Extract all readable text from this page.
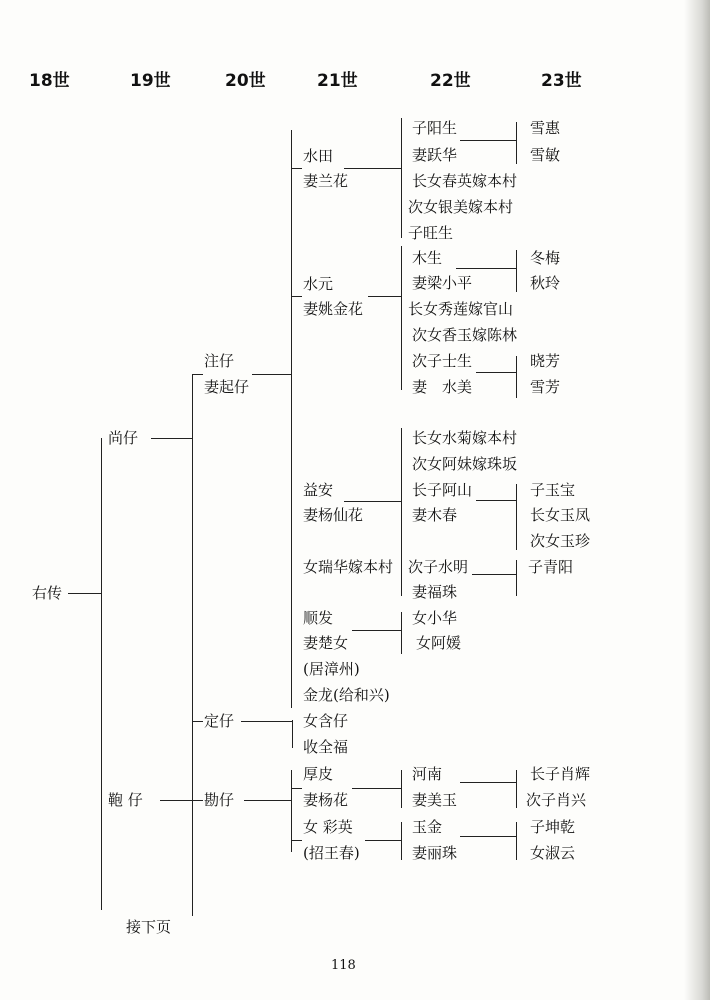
18世	19世	20世	21世	22世	23世
右传
尚仔
鞄 仔
注仔
妻起仔
定仔
勘仔
水田
妻兰花
水元
妻姚金花
益安
妻杨仙花
女瑞华嫁本村
顺发
妻楚女
(居漳州)
金龙(给和兴)
女含仔
收全福
厚皮
妻杨花
女 彩英
(招王春)
子阳生
妻跃华
长女春英嫁本村
次女银美嫁本村
子旺生
木生
妻梁小平
长女秀莲嫁官山
次女香玉嫁陈林
次子士生
妻　水美
长女水菊嫁本村
次女阿妹嫁珠坂
长子阿山
妻木春
次子水明
妻福珠
女小华
女阿媛
河南
妻美玉
玉金
妻丽珠
雪惠
雪敏
冬梅
秋玲
晓芳
雪芳
子玉宝
长女玉凤
次女玉珍
子青阳
长子肖辉
次子肖兴
子坤乾
女淑云
接下页
118
